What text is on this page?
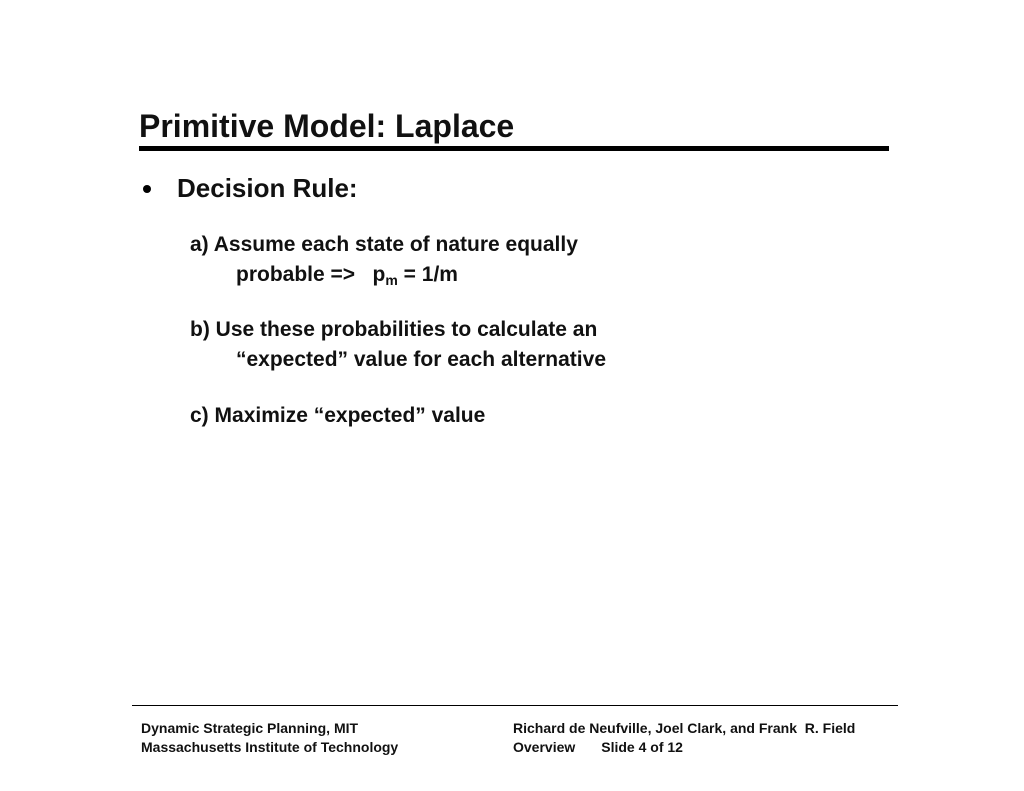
Primitive Model: Laplace
Decision Rule:
a) Assume each state of nature equally
probable =>   $p_m = 1/m$
b) Use these probabilities to calculate an
“expected” value for each alternative
c) Maximize “expected” value
Dynamic Strategic Planning, MIT
Massachusetts Institute of Technology
Richard de Neufville, Joel Clark, and Frank  R. Field
Overview Slide 4 of 12
